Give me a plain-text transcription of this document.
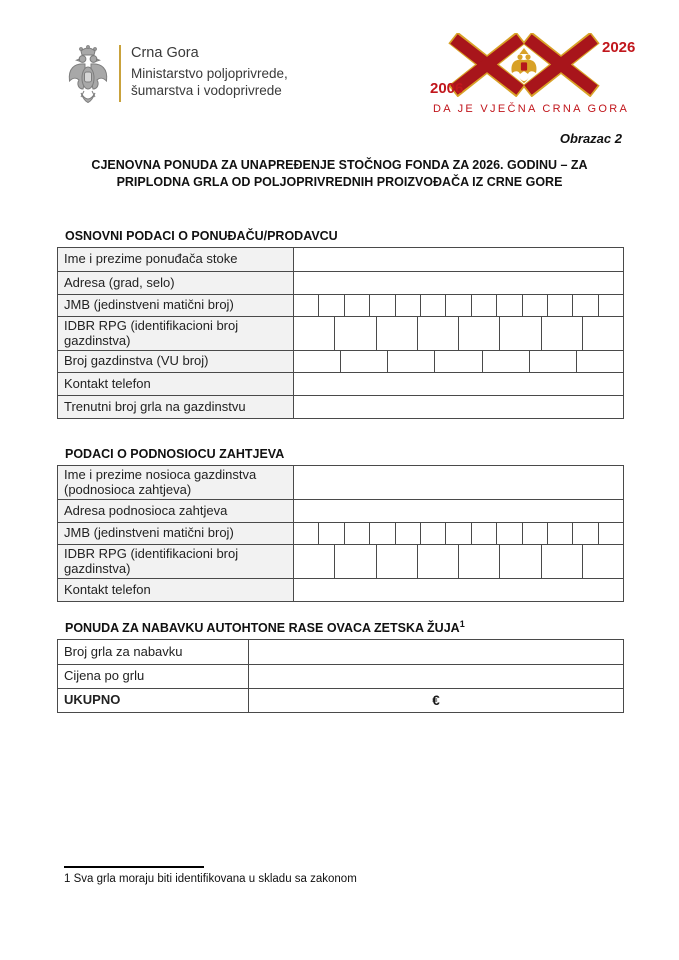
Crna Gora
Ministarstvo poljoprivrede,
šumarstva i vodoprivrede
2026
2006
DA JE VJEČNA CRNA GORA
Obrazac 2
CJENOVNA PONUDA ZA UNAPREĐENJE STOČNOG FONDA ZA 2026. GODINU – ZA
PRIPLODNA GRLA OD POLJOPRIVREDNIH PROIZVOĐAČA IZ CRNE GORE
OSNOVNI PODACI O PONUĐAČU/PRODAVCU
Ime i prezime ponuđača stoke
Adresa (grad, selo)
JMB (jedinstveni matični broj)
IDBR RPG (identifikacioni broj gazdinstva)
Broj gazdinstva (VU broj)
Kontakt telefon
Trenutni broj grla na gazdinstvu
PODACI O PODNOSIOCU ZAHTJEVA
Ime i prezime nosioca gazdinstva (podnosioca zahtjeva)
Adresa podnosioca zahtjeva
JMB (jedinstveni matični broj)
IDBR RPG (identifikacioni broj gazdinstva)
Kontakt telefon
PONUDA ZA NABAVKU AUTOHTONE RASE OVACA ZETSKA ŽUJA$^1$
Broj grla za nabavku
Cijena po grlu
UKUPNO	€
1 Sva grla moraju biti identifikovana u skladu sa zakonom
